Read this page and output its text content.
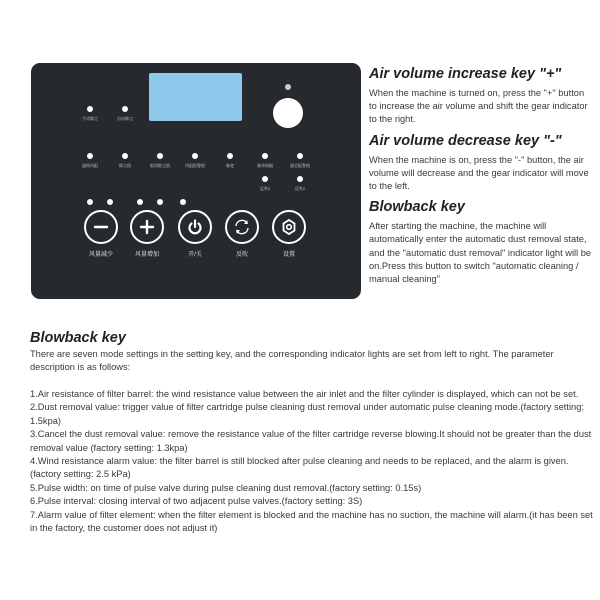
手动除尘	自动除尘
滤筒风阻	除尘值	取消除尘值	风阻报警值	脉宽	脉冲间隔	滤芯报警值
反吹1	反吹2
风量减少	风量增加	开/关	反吹	设置

Air volume increase key "+"

When the machine is turned on, press the "+" button to increase the air volume and shift the gear indicator to the right.

Air volume decrease key "-"

When the machine is on, press the "-" button, the air volume will decrease and the gear indicator will move to the left.

Blowback key

After starting the machine, the machine will automatically enter the automatic dust removal state, and the "automatic dust removal" indicator light will be on.Press this button to switch "automatic cleaning / manual cleaning"

Blowback key

There are seven mode settings in the setting key, and the corresponding indicator lights are set from left to right. The parameter description is as follows:

1.Air resistance of filter barrel: the wind resistance value between the air inlet and the filter cylinder is displayed, which can not be set.

2.Dust removal value: trigger value of filter cartridge pulse cleaning dust removal under automatic pulse cleaning mode.(factory setting: 1.5kpa)

3.Cancel the dust removal value: remove the resistance value of the filter cartridge reverse blowing.It should not be greater than the dust removal value (factory setting: 1.3kpa)

4.Wind resistance alarm value: the filter barrel is still blocked after pulse cleaning and needs to be replaced, and the alarm is given.(factory setting: 2.5 kPa)

5.Pulse width: on time of pulse valve during pulse cleaning dust removal.(factory setting: 0.15s)

6.Pulse interval: closing interval of two adjacent pulse valves.(factory setting: 3S)

7.Alarm value of filter element: when the filter element is blocked and the machine has no suction, the machine will alarm.(it has been set in the factory, the customer does not adjust it)
